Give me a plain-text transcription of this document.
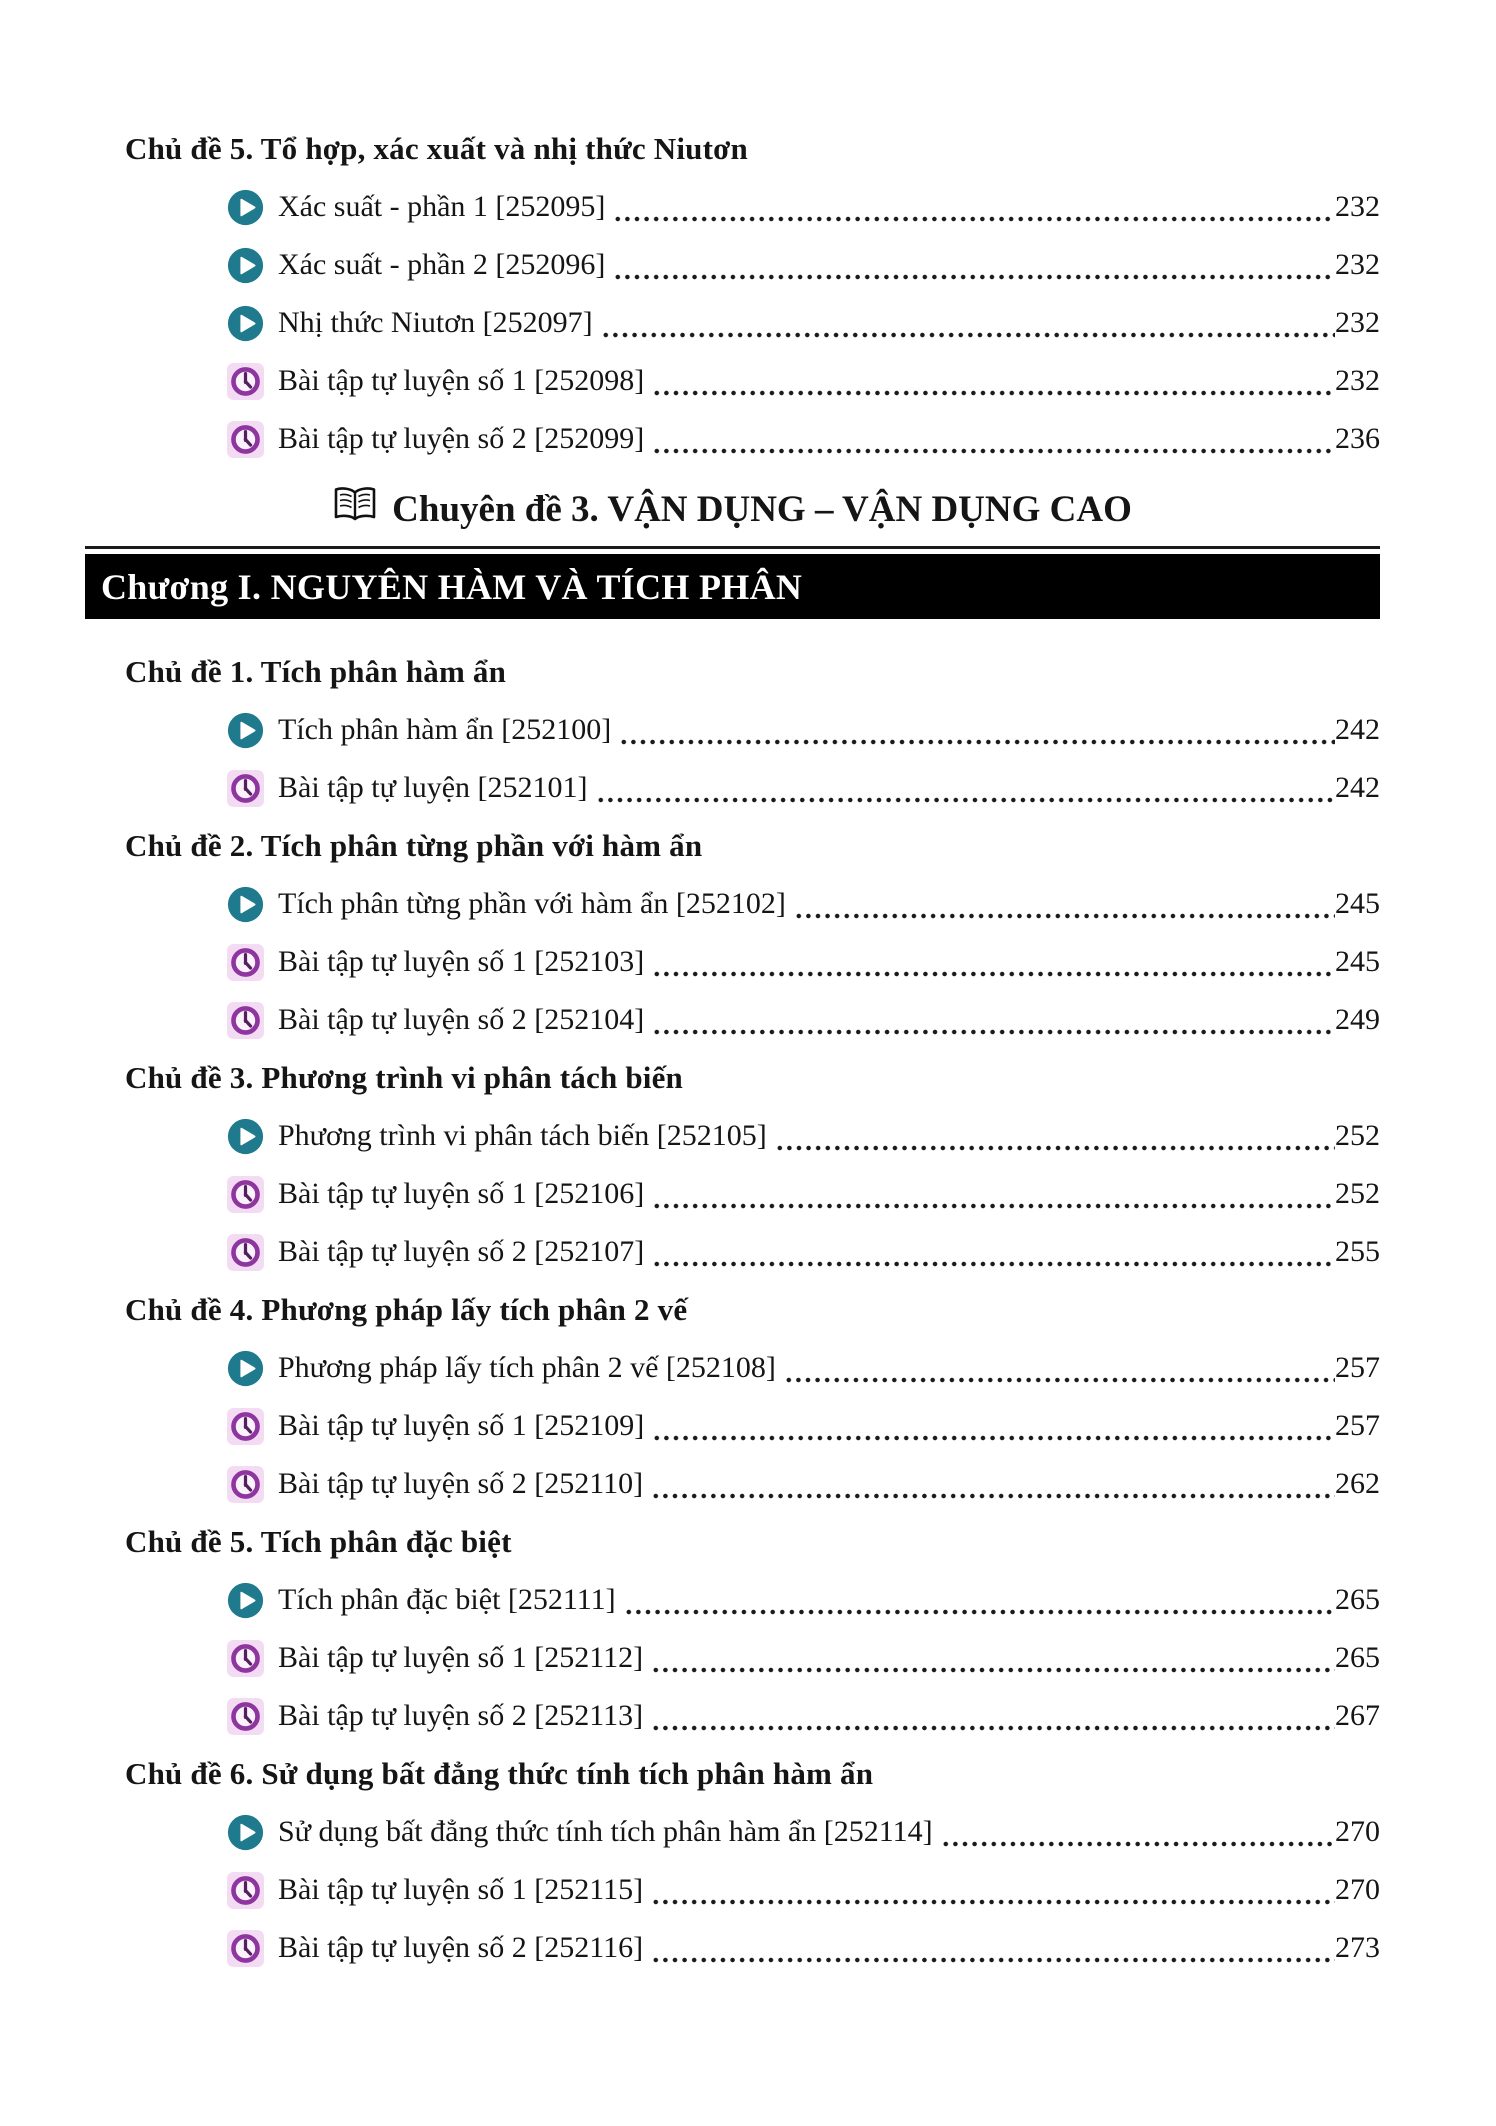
Chủ đề 5. Tổ hợp, xác xuất và nhị thức Niutơn
Xác suất - phần 1 [252095]	232
Xác suất - phần 2 [252096]	232
Nhị thức Niutơn [252097]	232
Bài tập tự luyện số 1 [252098]	232
Bài tập tự luyện số 2 [252099]	236
Chuyên đề 3. VẬN DỤNG – VẬN DỤNG CAO
Chương I. NGUYÊN HÀM VÀ TÍCH PHÂN
Chủ đề 1. Tích phân hàm ẩn
Tích phân hàm ẩn [252100]	242
Bài tập tự luyện [252101]	242
Chủ đề 2. Tích phân từng phần với hàm ẩn
Tích phân từng phần với hàm ẩn [252102]	245
Bài tập tự luyện số 1 [252103]	245
Bài tập tự luyện số 2 [252104]	249
Chủ đề 3. Phương trình vi phân tách biến
Phương trình vi phân tách biến [252105]	252
Bài tập tự luyện số 1 [252106]	252
Bài tập tự luyện số 2 [252107]	255
Chủ đề 4. Phương pháp lấy tích phân 2 vế
Phương pháp lấy tích phân 2 vế [252108]	257
Bài tập tự luyện số 1 [252109]	257
Bài tập tự luyện số 2 [252110]	262
Chủ đề 5. Tích phân đặc biệt
Tích phân đặc biệt [252111]	265
Bài tập tự luyện số 1 [252112]	265
Bài tập tự luyện số 2 [252113]	267
Chủ đề 6. Sử dụng bất đẳng thức tính tích phân hàm ẩn
Sử dụng bất đẳng thức tính tích phân hàm ẩn [252114]	270
Bài tập tự luyện số 1 [252115]	270
Bài tập tự luyện số 2 [252116]	273
